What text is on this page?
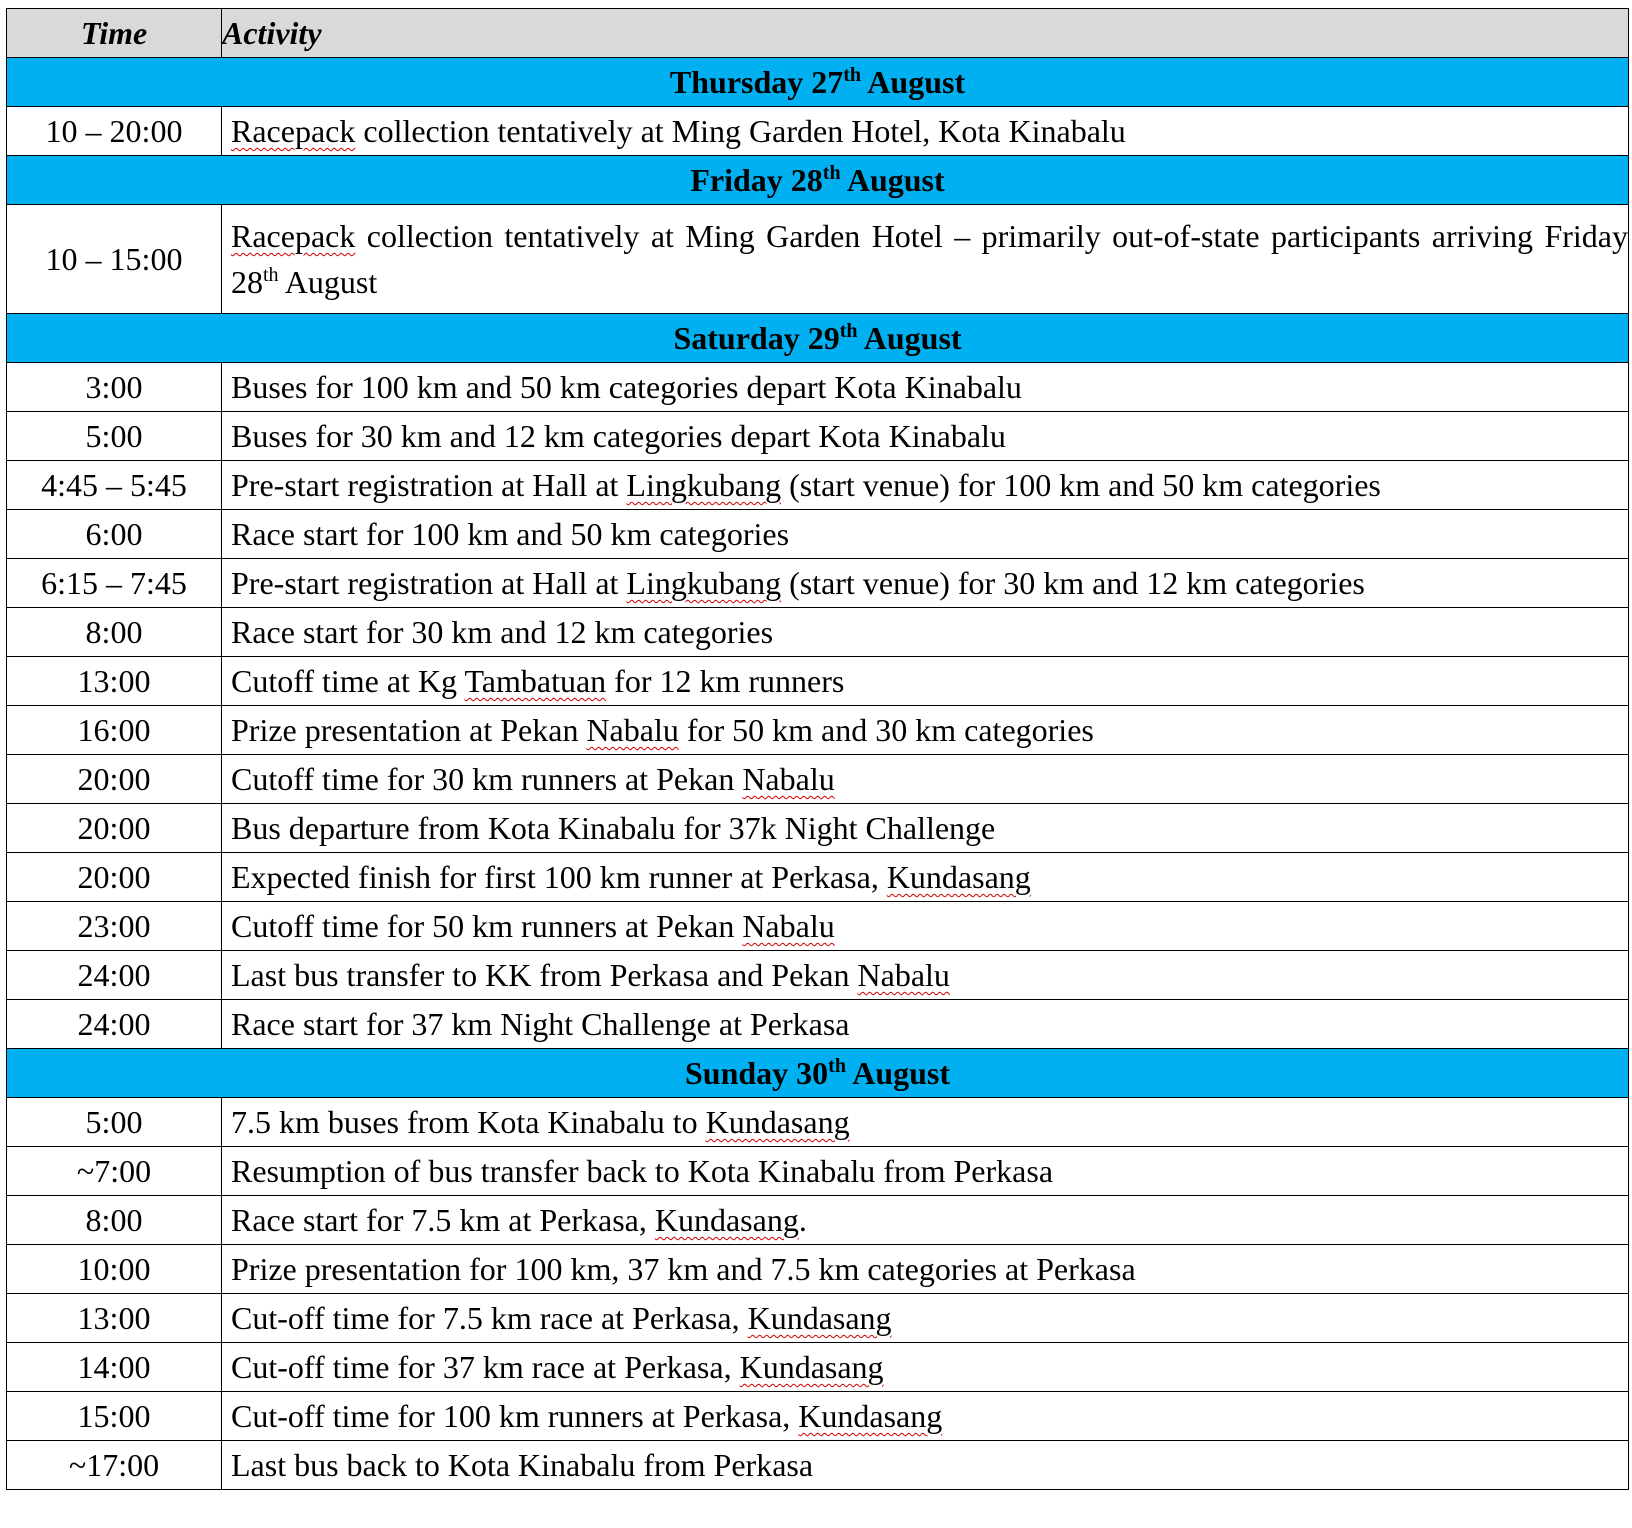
Time	Activity
Thursday 27th August	
10 – 20:00	Racepack collection tentatively at Ming Garden Hotel, Kota Kinabalu
Friday 28th August	
10 – 15:00	Racepack collection tentatively at Ming Garden Hotel – primarily out-of-state participants arriving Friday 28th August
Saturday 29th August	
3:00	Buses for 100 km and 50 km categories depart Kota Kinabalu
5:00	Buses for 30 km and 12 km categories depart Kota Kinabalu
4:45 – 5:45	Pre-start registration at Hall at Lingkubang (start venue) for 100 km and 50 km categories
6:00	Race start for 100 km and 50 km categories
6:15 – 7:45	Pre-start registration at Hall at Lingkubang (start venue) for 30 km and 12 km categories
8:00	Race start for 30 km and 12 km categories
13:00	Cutoff time at Kg Tambatuan for 12 km runners
16:00	Prize presentation at Pekan Nabalu for 50 km and 30 km categories
20:00	Cutoff time for 30 km runners at Pekan Nabalu
20:00	Bus departure from Kota Kinabalu for 37k Night Challenge
20:00	Expected finish for first 100 km runner at Perkasa, Kundasang
23:00	Cutoff time for 50 km runners at Pekan Nabalu
24:00	Last bus transfer to KK from Perkasa and Pekan Nabalu
24:00	Race start for 37 km Night Challenge at Perkasa
Sunday 30th August	
5:00	7.5 km buses from Kota Kinabalu to Kundasang
~7:00	Resumption of bus transfer back to Kota Kinabalu from Perkasa
8:00	Race start for 7.5 km at Perkasa, Kundasang.
10:00	Prize presentation for 100 km, 37 km and 7.5 km categories at Perkasa
13:00	Cut-off time for 7.5 km race at Perkasa, Kundasang
14:00	Cut-off time for 37 km race at Perkasa, Kundasang
15:00	Cut-off time for 100 km runners at Perkasa, Kundasang
~17:00	Last bus back to Kota Kinabalu from Perkasa
